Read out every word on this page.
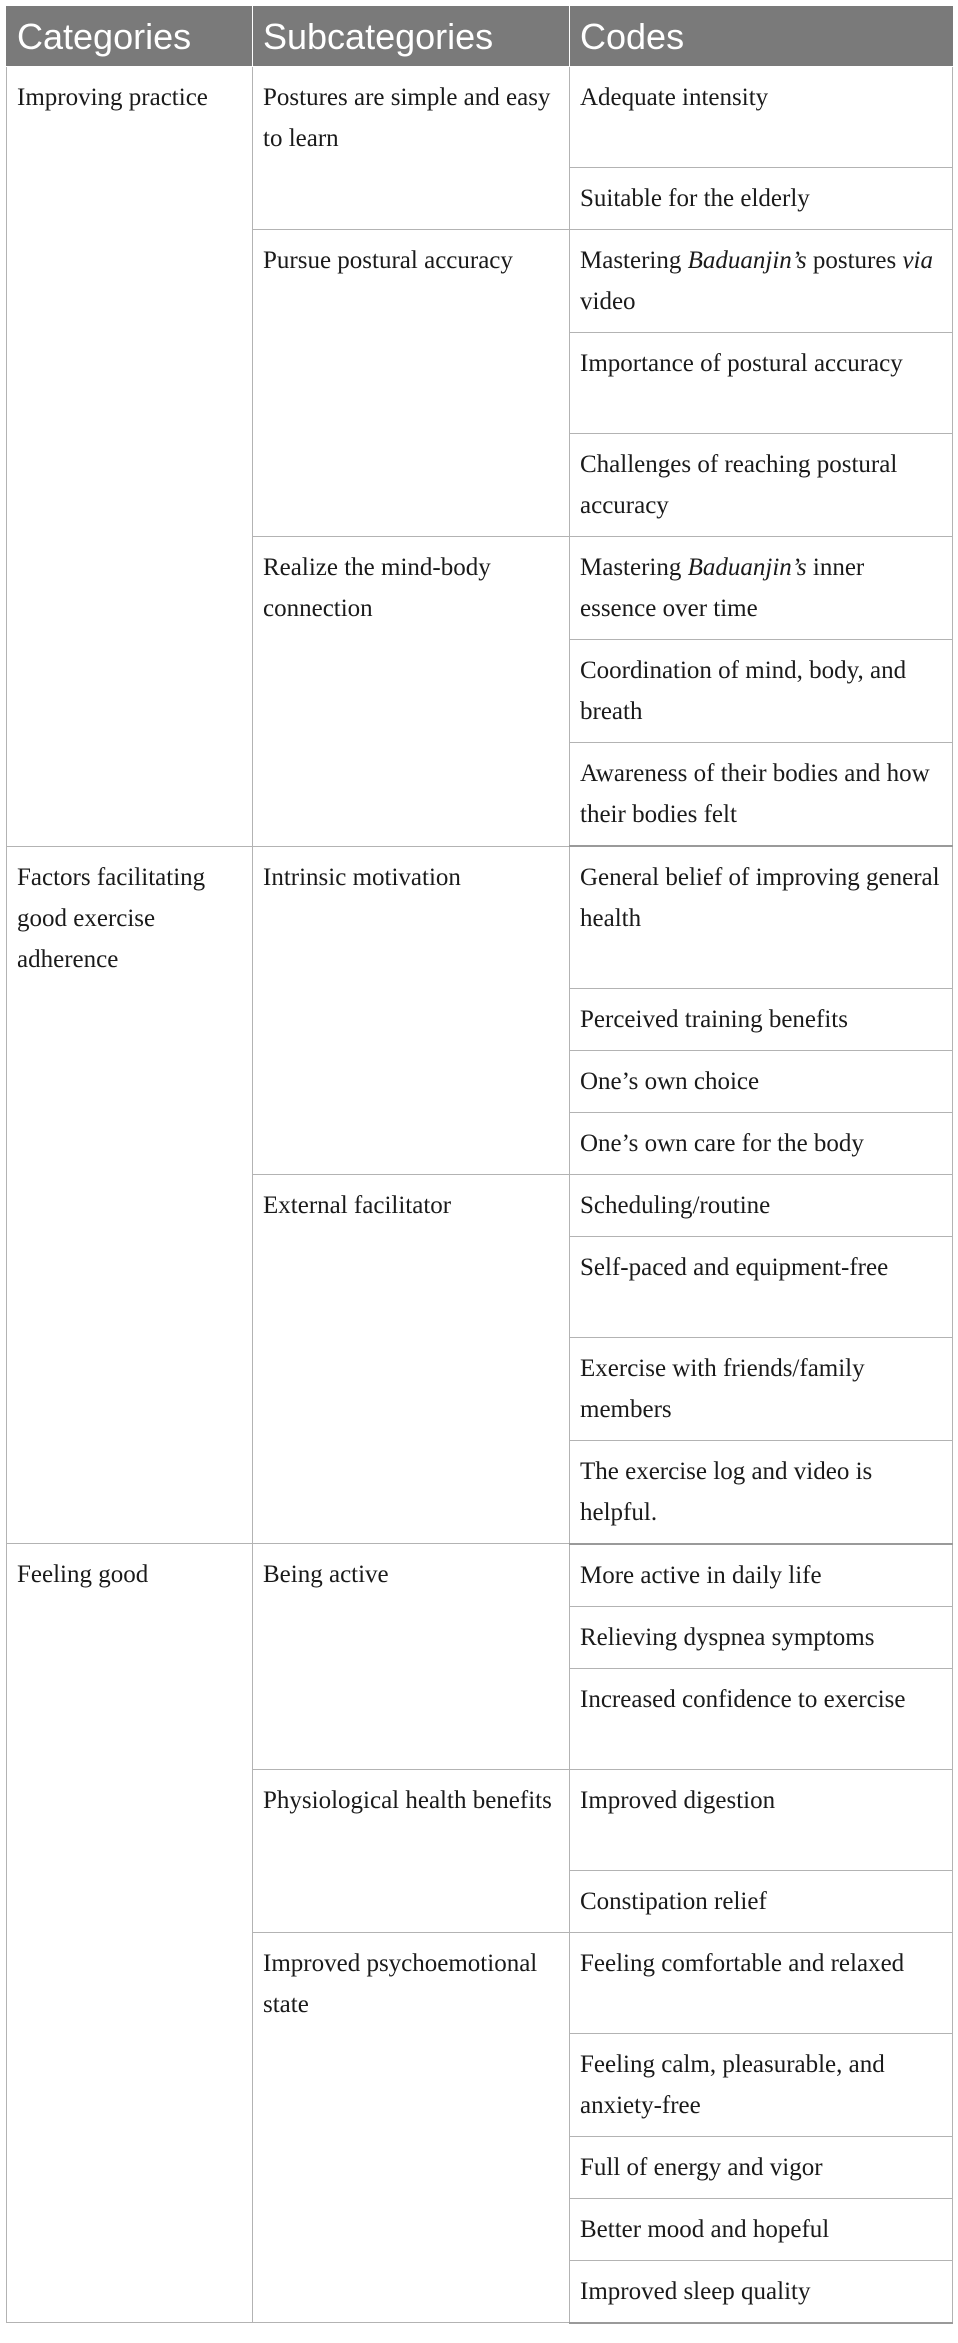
Categories	Subcategories	Codes
Improving practice	Postures are simple and easy to learn	Adequate intensity
		Suitable for the elderly
	Pursue postural accuracy	Mastering Baduanjin’s postures via video
		Importance of postural accuracy
		Challenges of reaching postural accuracy
	Realize the mind-body connection	Mastering Baduanjin’s inner essence over time
		Coordination of mind, body, and breath
		Awareness of their bodies and how their bodies felt
Factors facilitating good exercise adherence	Intrinsic motivation	General belief of improving general health
		Perceived training benefits
		One’s own choice
		One’s own care for the body
	External facilitator	Scheduling/routine
		Self-paced and equipment-free
		Exercise with friends/family members
		The exercise log and video is helpful.
Feeling good	Being active	More active in daily life
		Relieving dyspnea symptoms
		Increased confidence to exercise
	Physiological health benefits	Improved digestion
		Constipation relief
	Improved psychoemotional state	Feeling comfortable and relaxed
		Feeling calm, pleasurable, and anxiety-free
		Full of energy and vigor
		Better mood and hopeful
		Improved sleep quality
